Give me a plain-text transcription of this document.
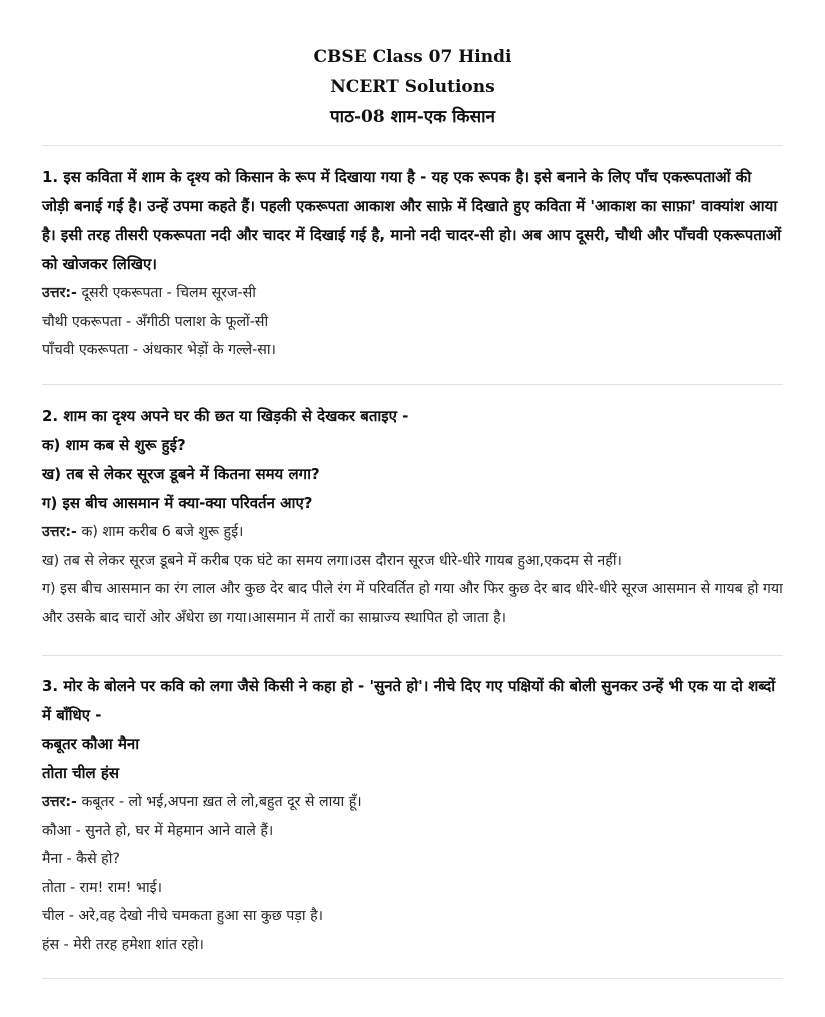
CBSE Class 07 Hindi
NCERT Solutions
पाठ-08 शाम-एक किसान
1. इस कविता में शाम के दृश्य को किसान के रूप में दिखाया गया है - यह एक रूपक है। इसे बनाने के लिए पाँच एकरूपताओं की जोड़ी बनाई गई है। उन्हें उपमा कहते हैं। पहली एकरूपता आकाश और साफ़े में दिखाते हुए कविता में 'आकाश का साफ़ा' वाक्यांश आया है। इसी तरह तीसरी एकरूपता नदी और चादर में दिखाई गई है, मानो नदी चादर-सी हो। अब आप दूसरी, चौथी और पाँचवी एकरूपताओं को खोजकर लिखिए।
उत्तर:- दूसरी एकरूपता - चिलम सूरज-सी
चौथी एकरूपता - अँगीठी पलाश के फूलों-सी
पाँचवी एकरूपता - अंधकार भेड़ों के गल्ले-सा।
2. शाम का दृश्य अपने घर की छत या खिड़की से देखकर बताइए -
क) शाम कब से शुरू हुई?
ख) तब से लेकर सूरज डूबने में कितना समय लगा?
ग) इस बीच आसमान में क्या-क्या परिवर्तन आए?
उत्तर:- क) शाम करीब 6 बजे शुरू हुई।
ख) तब से लेकर सूरज डूबने में करीब एक घंटे का समय लगा।उस दौरान सूरज धीरे-धीरे गायब हुआ,एकदम से नहीं।
ग) इस बीच आसमान का रंग लाल और कुछ देर बाद पीले रंग में परिवर्तित हो गया और फिर कुछ देर बाद धीरे-धीरे सूरज आसमान से गायब हो गया और उसके बाद चारों ओर अँधेरा छा गया।आसमान में तारों का साम्राज्य स्थापित हो जाता है।
3. मोर के बोलने पर कवि को लगा जैसे किसी ने कहा हो - 'सुनते हो'। नीचे दिए गए पक्षियों की बोली सुनकर उन्हें भी एक या दो शब्दों में बाँधिए -
कबूतर कौआ मैना
तोता चील हंस
उत्तर:- कबूतर - लो भई,अपना ख़त ले लो,बहुत दूर से लाया हूँ।
कौआ - सुनते हो, घर में मेहमान आने वाले हैं।
मैना - कैसे हो?
तोता - राम! राम! भाई।
चील - अरे,वह देखो नीचे चमकता हुआ सा कुछ पड़ा है।
हंस - मेरी तरह हमेशा शांत रहो।
